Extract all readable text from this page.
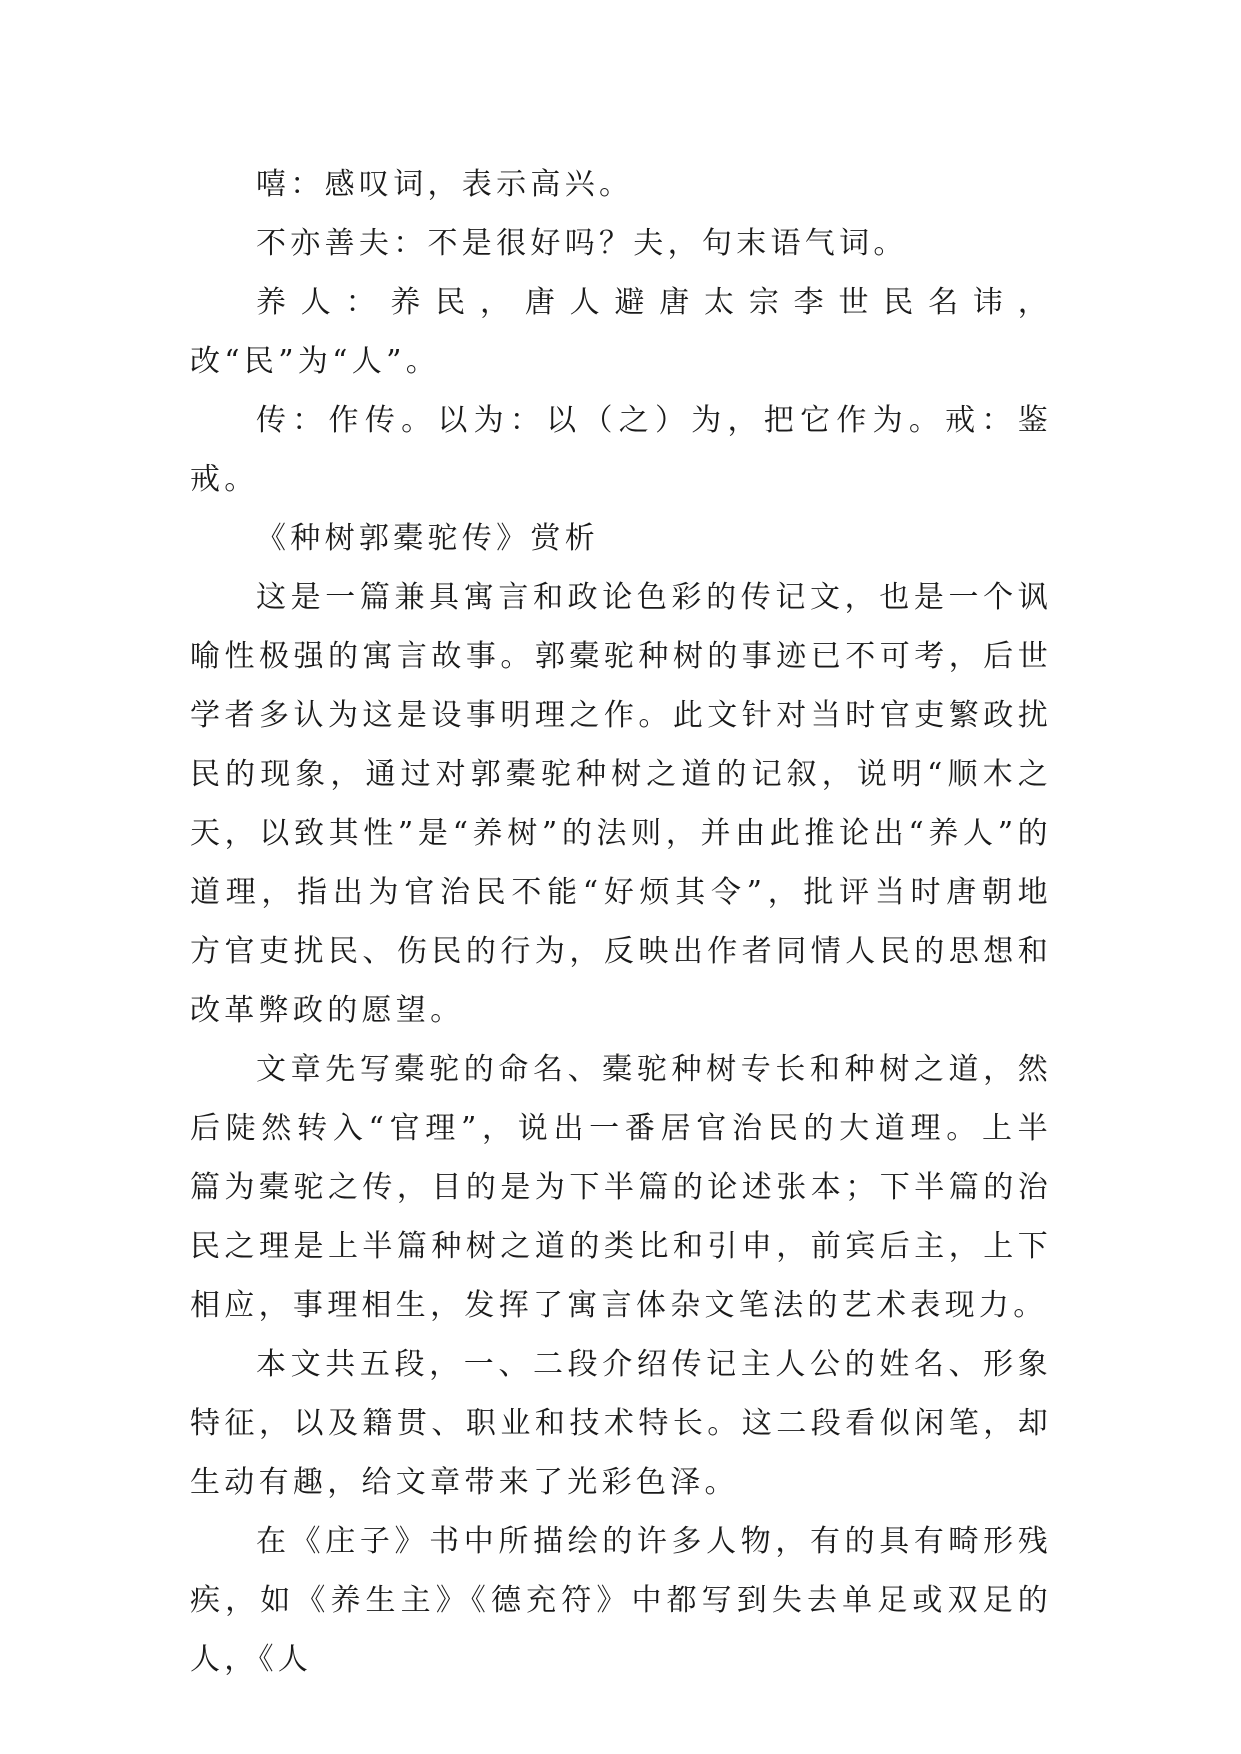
嘻：感叹词，表示高兴。

不亦善夫：不是很好吗？夫，句末语气词。

养人：养民，唐人避唐太宗李世民名讳，改“民”为“人”。

传：作传。以为：以（之）为，把它作为。戒：鉴戒。

《种树郭橐驼传》赏析

这是一篇兼具寓言和政论色彩的传记文，也是一个讽喻性极强的寓言故事。郭橐驼种树的事迹已不可考，后世学者多认为这是设事明理之作。此文针对当时官吏繁政扰民的现象，通过对郭橐驼种树之道的记叙，说明“顺木之天，以致其性”是“养树”的法则，并由此推论出“养人”的道理，指出为官治民不能“好烦其令”，批评当时唐朝地方官吏扰民、伤民的行为，反映出作者同情人民的思想和改革弊政的愿望。

文章先写橐驼的命名、橐驼种树专长和种树之道，然后陡然转入“官理”，说出一番居官治民的大道理。上半篇为橐驼之传，目的是为下半篇的论述张本；下半篇的治民之理是上半篇种树之道的类比和引申，前宾后主，上下相应，事理相生，发挥了寓言体杂文笔法的艺术表现力。

本文共五段，一、二段介绍传记主人公的姓名、形象特征，以及籍贯、职业和技术特长。这二段看似闲笔，却生动有趣，给文章带来了光彩色泽。

在《庄子》书中所描绘的许多人物，有的具有畸形残疾，如《养生主》《德充符》中都写到失去单足或双足的人，《人
